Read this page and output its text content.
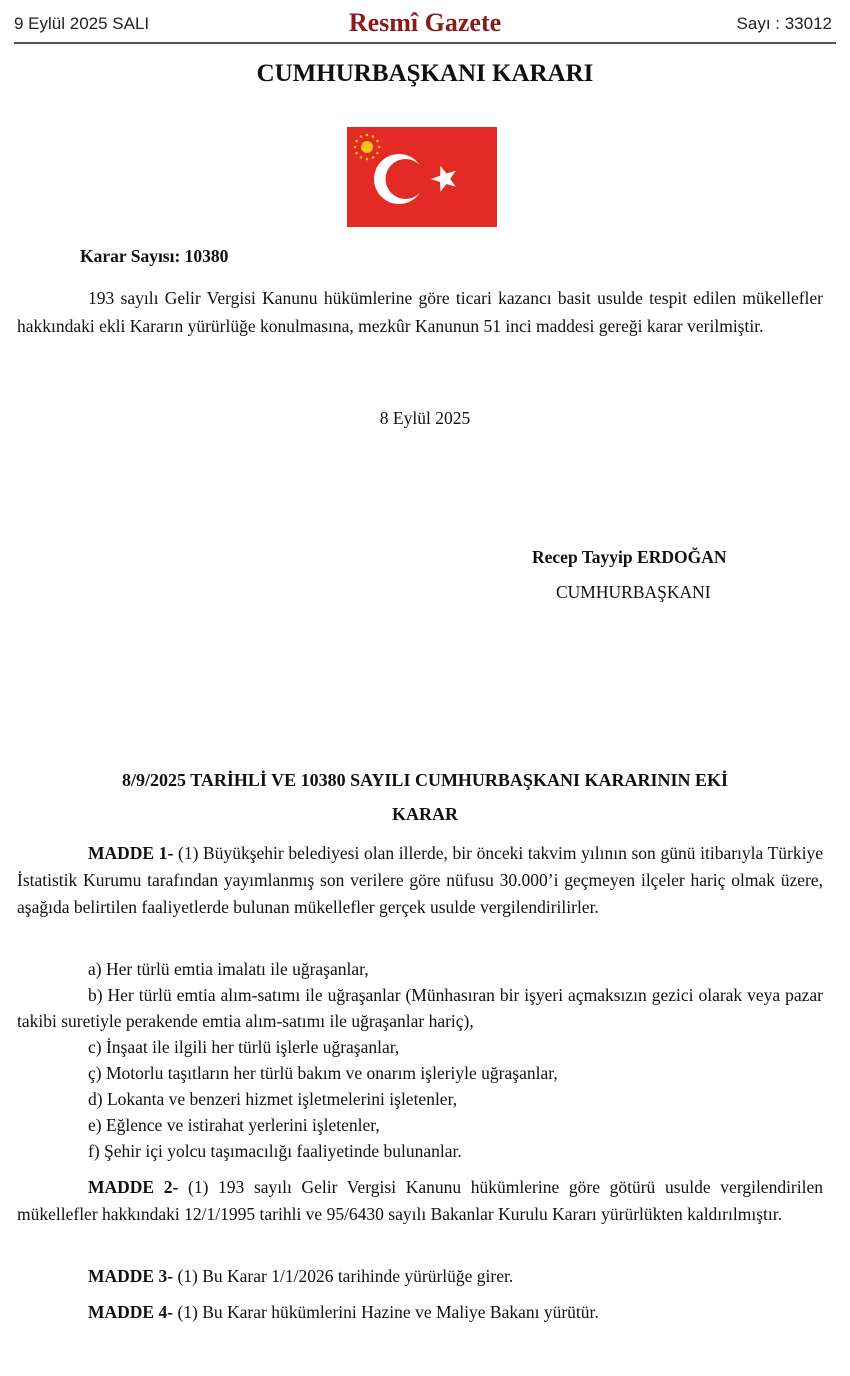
9 Eylül 2025 SALI	Resmî Gazete	Sayı : 33012
CUMHURBAŞKANI KARARI
Karar Sayısı: 10380
193 sayılı Gelir Vergisi Kanunu hükümlerine göre ticari kazancı basit usulde tespit edilen mükellefler hakkındaki ekli Kararın yürürlüğe konulmasına, mezkûr Kanunun 51 inci maddesi gereği karar verilmiştir.
8 Eylül 2025
Recep Tayyip ERDOĞAN
CUMHURBAŞKANI
8/9/2025 TARİHLİ VE 10380 SAYILI CUMHURBAŞKANI KARARININ EKİ
KARAR
MADDE 1- (1) Büyükşehir belediyesi olan illerde, bir önceki takvim yılının son günü itibarıyla Türkiye İstatistik Kurumu tarafından yayımlanmış son verilere göre nüfusu 30.000’i geçmeyen ilçeler hariç olmak üzere, aşağıda belirtilen faaliyetlerde bulunan mükellefler gerçek usulde vergilendirilirler.
a) Her türlü emtia imalatı ile uğraşanlar,
b) Her türlü emtia alım-satımı ile uğraşanlar (Münhasıran bir işyeri açmaksızın gezici olarak veya pazar takibi suretiyle perakende emtia alım-satımı ile uğraşanlar hariç),
c) İnşaat ile ilgili her türlü işlerle uğraşanlar,
ç) Motorlu taşıtların her türlü bakım ve onarım işleriyle uğraşanlar,
d) Lokanta ve benzeri hizmet işletmelerini işletenler,
e) Eğlence ve istirahat yerlerini işletenler,
f) Şehir içi yolcu taşımacılığı faaliyetinde bulunanlar.
MADDE 2- (1) 193 sayılı Gelir Vergisi Kanunu hükümlerine göre götürü usulde vergilendirilen mükellefler hakkındaki 12/1/1995 tarihli ve 95/6430 sayılı Bakanlar Kurulu Kararı yürürlükten kaldırılmıştır.
MADDE 3- (1) Bu Karar 1/1/2026 tarihinde yürürlüğe girer.
MADDE 4- (1) Bu Karar hükümlerini Hazine ve Maliye Bakanı yürütür.
